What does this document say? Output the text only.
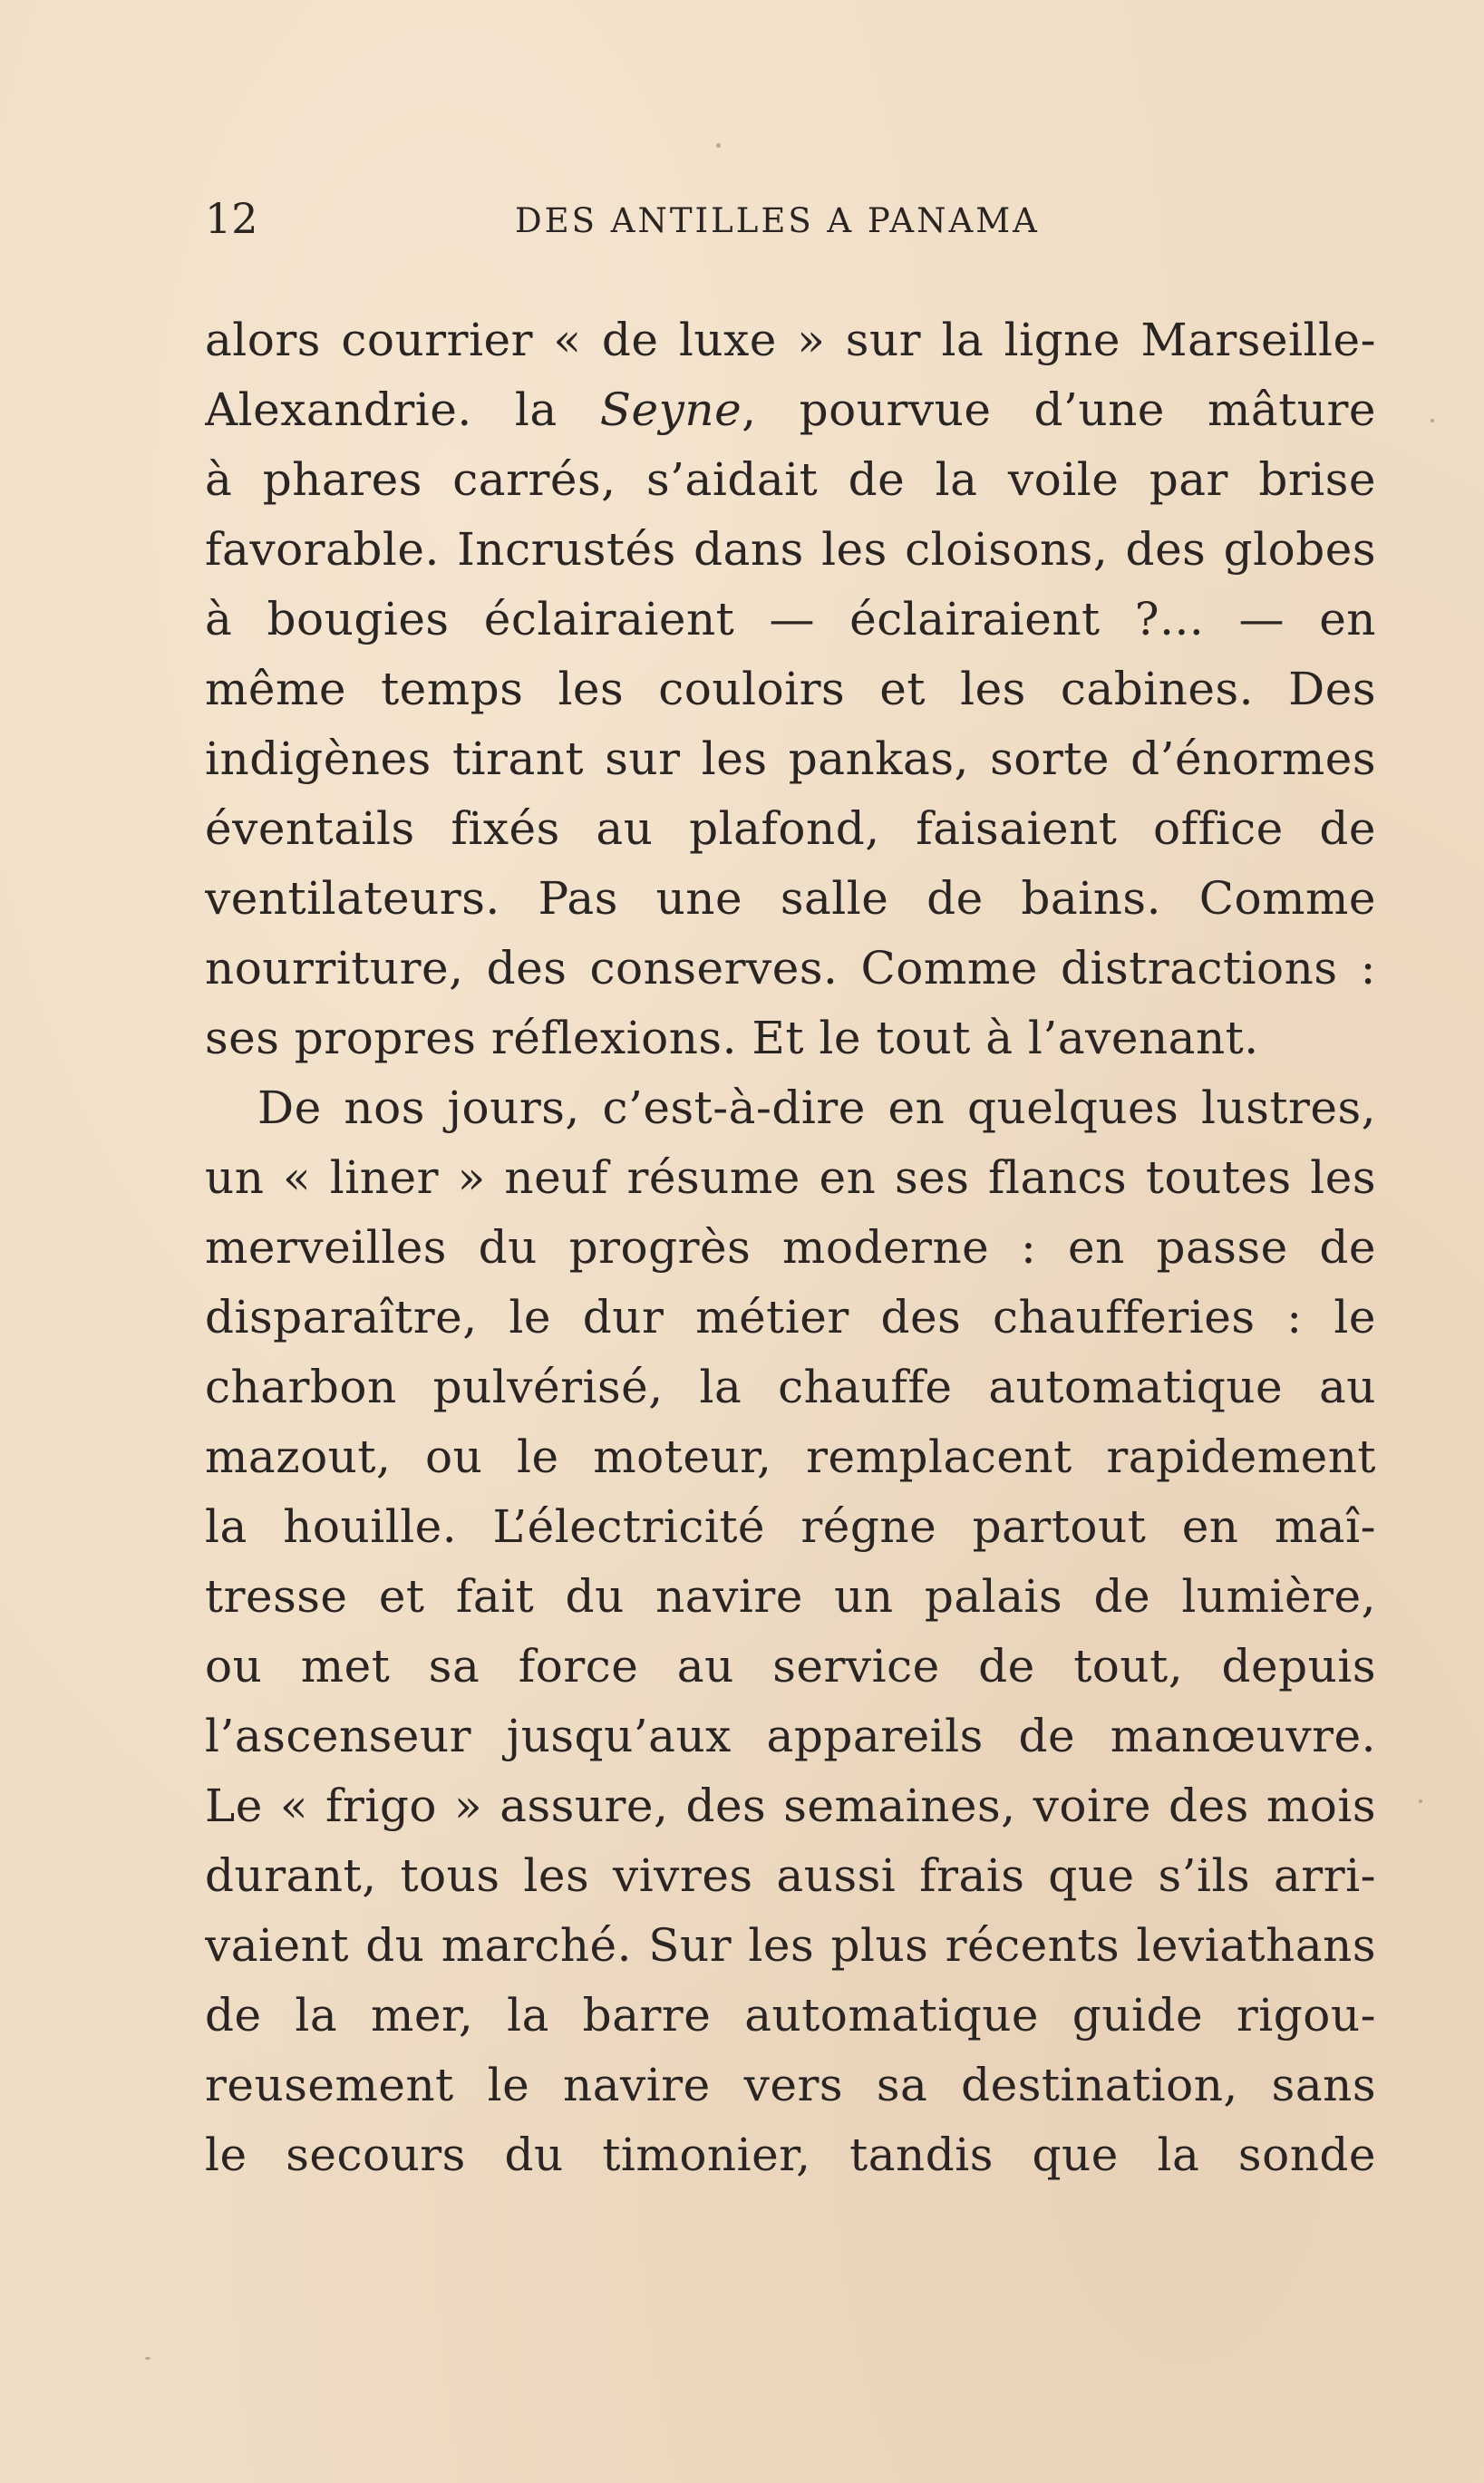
12	DES ANTILLES A PANAMA
alors courrier « de luxe » sur la ligne Marseille-
Alexandrie. la Seyne, pourvue d’une mâture
à phares carrés, s’aidait de la voile par brise
favorable. Incrustés dans les cloisons, des globes
à bougies éclairaient — éclairaient ?... — en
même temps les couloirs et les cabines. Des
indigènes tirant sur les pankas, sorte d’énormes
éventails fixés au plafond, faisaient office de
ventilateurs. Pas une salle de bains. Comme
nourriture, des conserves. Comme distractions :
ses propres réflexions. Et le tout à l’avenant.
De nos jours, c’est-à-dire en quelques lustres,
un « liner » neuf résume en ses flancs toutes les
merveilles du progrès moderne : en passe de
disparaître, le dur métier des chaufferies : le
charbon pulvérisé, la chauffe automatique au
mazout, ou le moteur, remplacent rapidement
la houille. L’électricité régne partout en maî-
tresse et fait du navire un palais de lumière,
ou met sa force au service de tout, depuis
l’ascenseur jusqu’aux appareils de manœuvre.
Le « frigo » assure, des semaines, voire des mois
durant, tous les vivres aussi frais que s’ils arri-
vaient du marché. Sur les plus récents leviathans
de la mer, la barre automatique guide rigou-
reusement le navire vers sa destination, sans
le secours du timonier, tandis que la sonde
